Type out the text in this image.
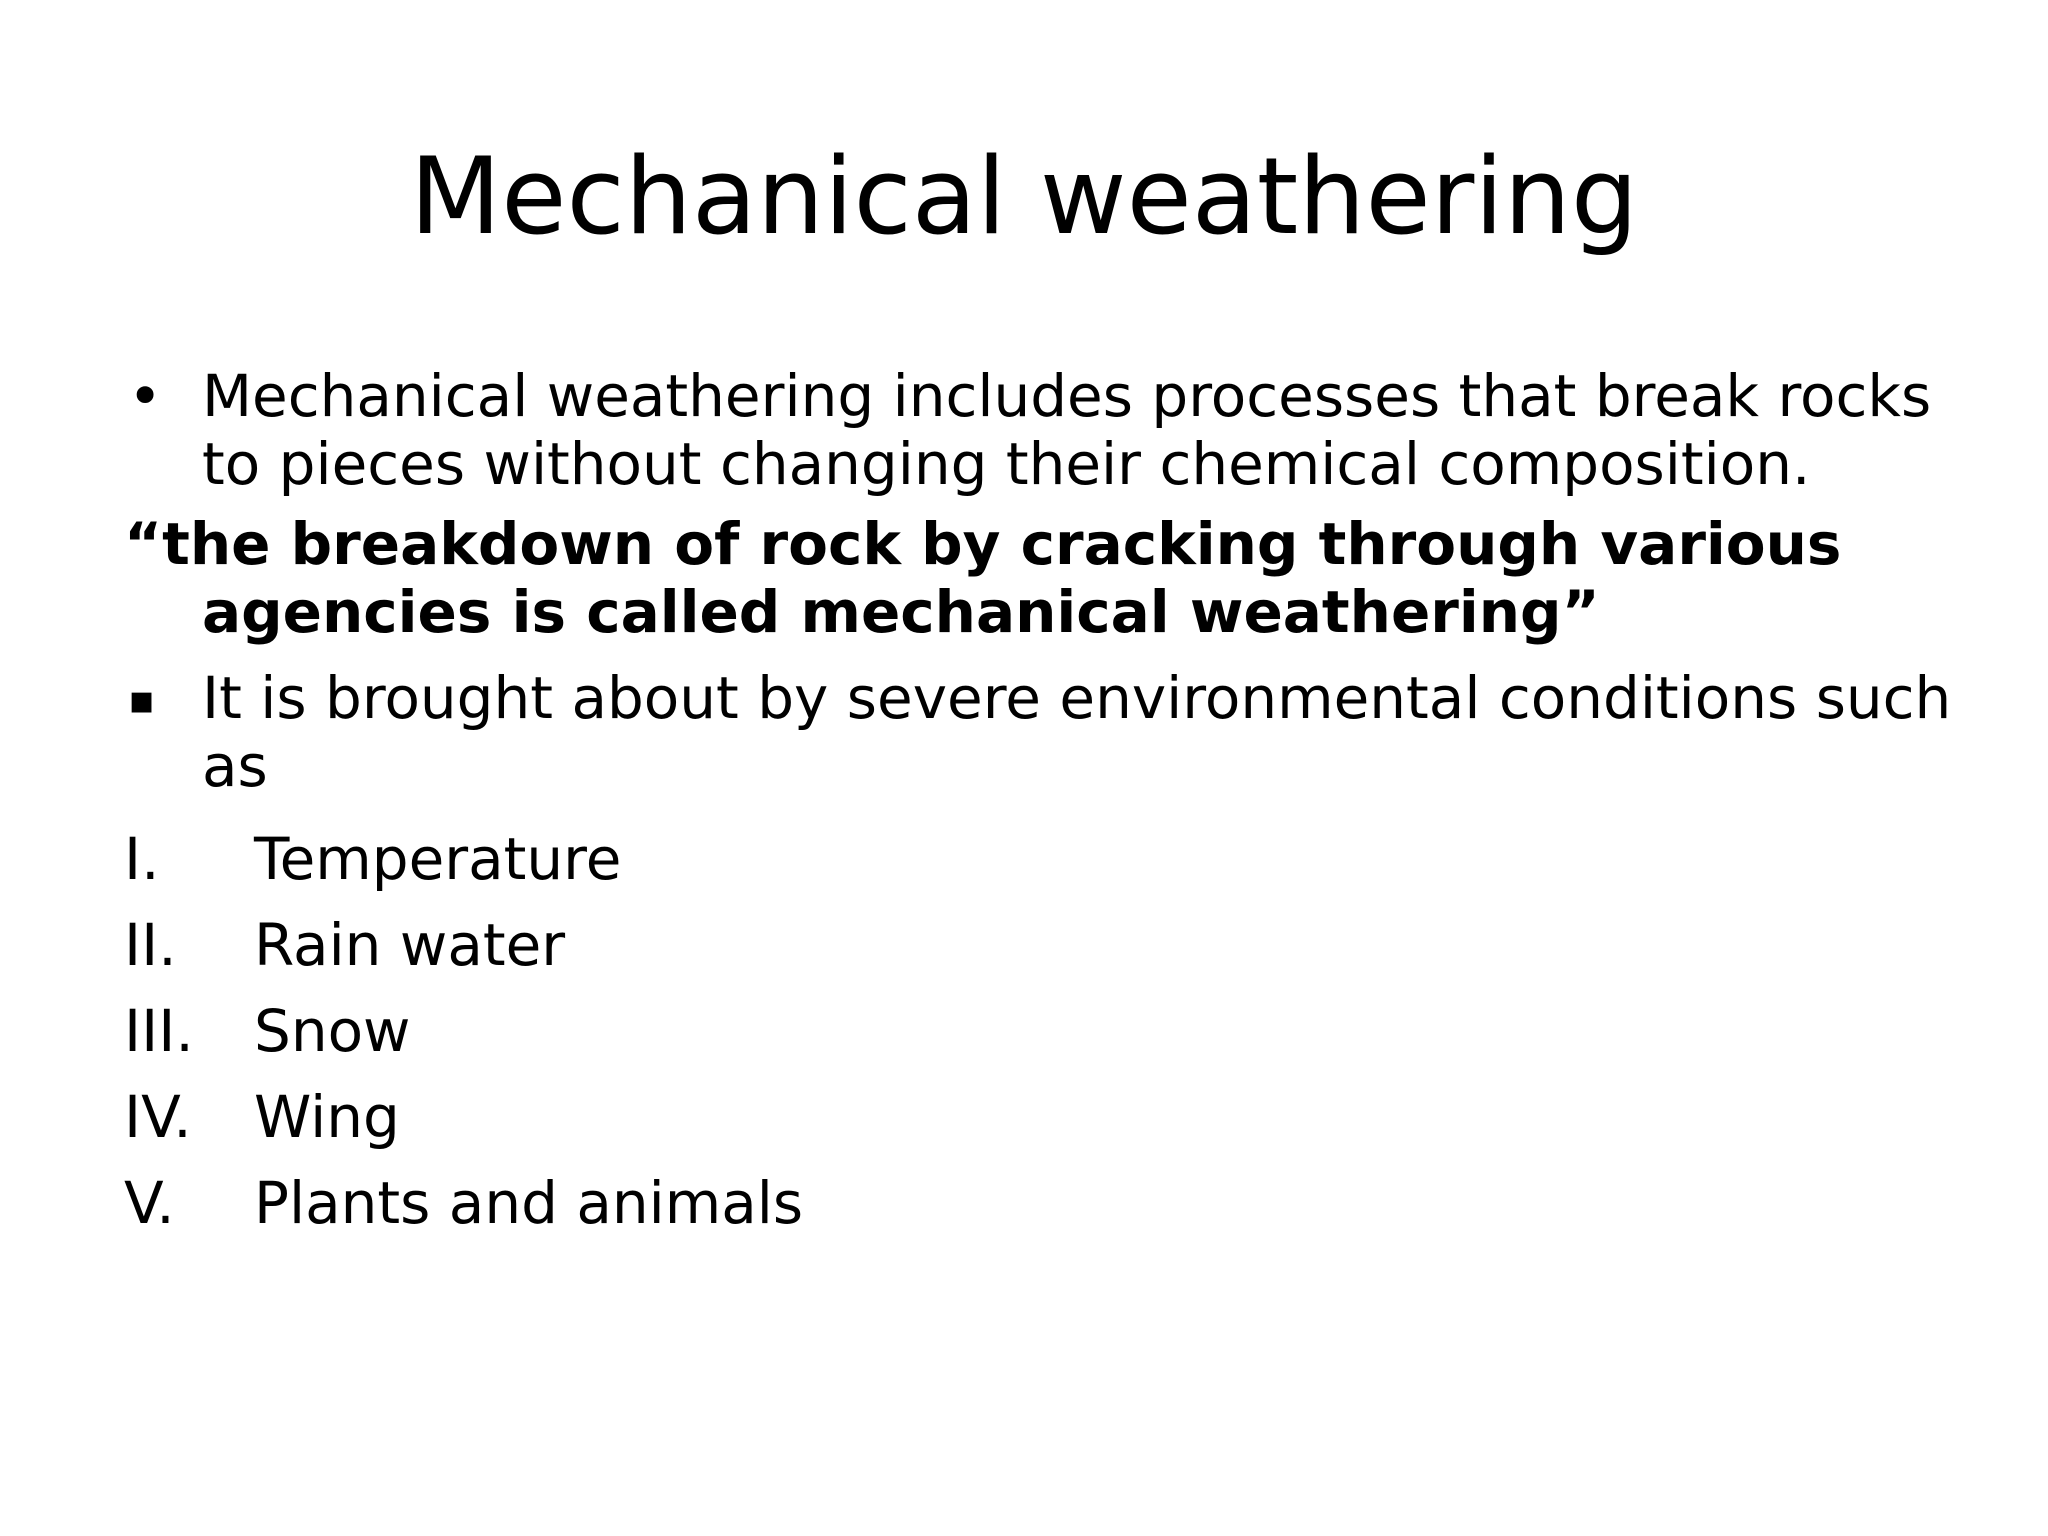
Mechanical weathering
• Mechanical weathering includes processes that break rocks to pieces without changing their chemical composition.
“the breakdown of rock by cracking through various agencies is called mechanical weathering”
▪ It is brought about by severe environmental conditions such as
I. Temperature
II. Rain water
III. Snow
IV. Wing
V. Plants and animals
